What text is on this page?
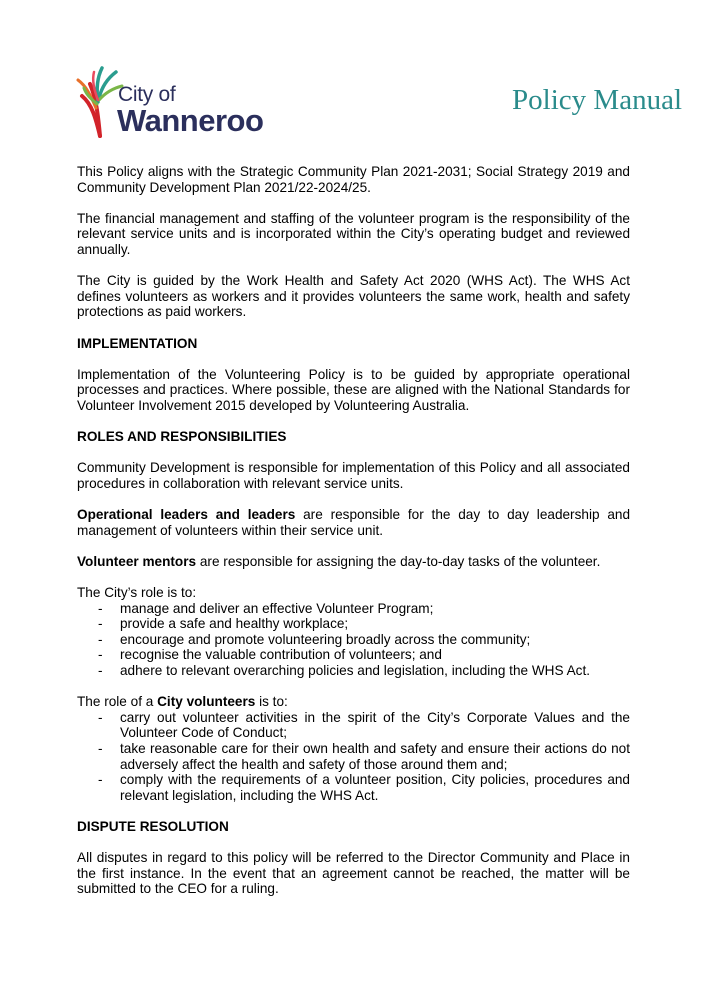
City of
Wanneroo
Policy Manual

This Policy aligns with the Strategic Community Plan 2021-2031; Social Strategy 2019 and Community Development Plan 2021/22-2024/25.

The financial management and staffing of the volunteer program is the responsibility of the relevant service units and is incorporated within the City’s operating budget and reviewed annually.

The City is guided by the Work Health and Safety Act 2020 (WHS Act). The WHS Act defines volunteers as workers and it provides volunteers the same work, health and safety protections as paid workers.

IMPLEMENTATION

Implementation of the Volunteering Policy is to be guided by appropriate operational processes and practices. Where possible, these are aligned with the National Standards for Volunteer Involvement 2015 developed by Volunteering Australia.

ROLES AND RESPONSIBILITIES

Community Development is responsible for implementation of this Policy and all associated procedures in collaboration with relevant service units.

Operational leaders and leaders are responsible for the day to day leadership and management of volunteers within their service unit.

Volunteer mentors are responsible for assigning the day-to-day tasks of the volunteer.

The City’s role is to:

- manage and deliver an effective Volunteer Program;
- provide a safe and healthy workplace;
- encourage and promote volunteering broadly across the community;
- recognise the valuable contribution of volunteers; and
- adhere to relevant overarching policies and legislation, including the WHS Act.

The role of a City volunteers is to:

- carry out volunteer activities in the spirit of the City’s Corporate Values and the Volunteer Code of Conduct;
- take reasonable care for their own health and safety and ensure their actions do not adversely affect the health and safety of those around them and;
- comply with the requirements of a volunteer position, City policies, procedures and relevant legislation, including the WHS Act.
DISPUTE RESOLUTION

All disputes in regard to this policy will be referred to the Director Community and Place in the first instance. In the event that an agreement cannot be reached, the matter will be submitted to the CEO for a ruling.
